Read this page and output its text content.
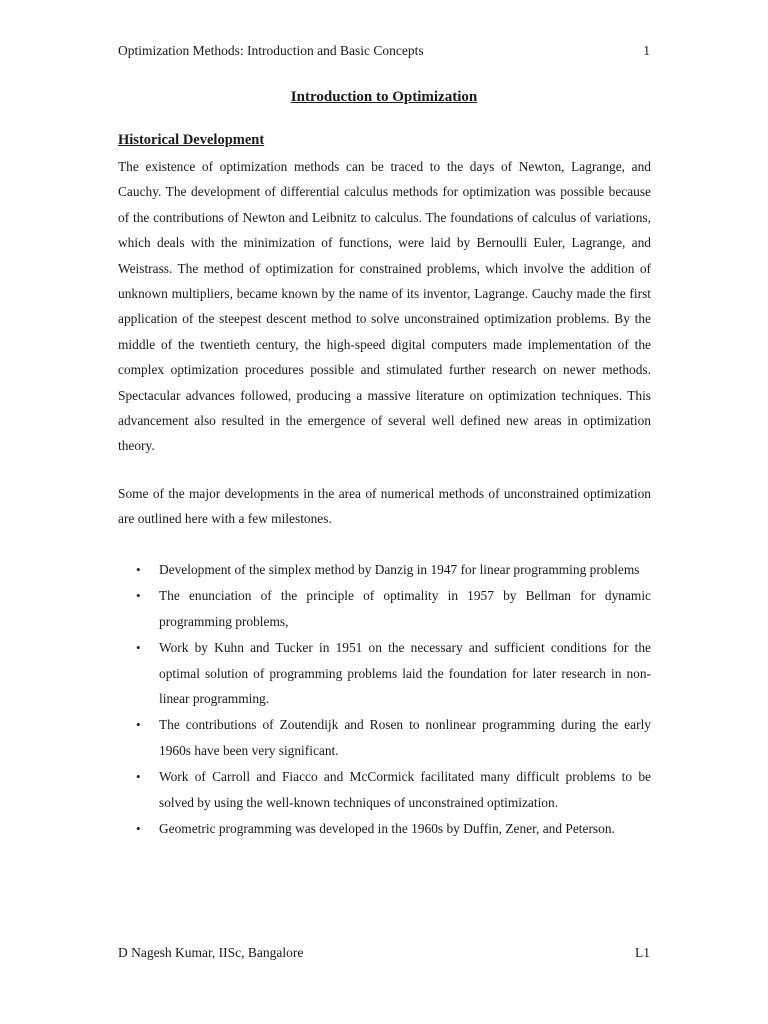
Optimization Methods: Introduction and Basic Concepts	1
Introduction to Optimization
Historical Development

The existence of optimization methods can be traced to the days of Newton, Lagrange, and Cauchy. The development of differential calculus methods for optimization was possible because of the contributions of Newton and Leibnitz to calculus. The foundations of calculus of variations, which deals with the minimization of functions, were laid by Bernoulli Euler, Lagrange, and Weistrass. The method of optimization for constrained problems, which involve the addition of unknown multipliers, became known by the name of its inventor, Lagrange. Cauchy made the first application of the steepest descent method to solve unconstrained optimization problems. By the middle of the twentieth century, the high-speed digital computers made implementation of the complex optimization procedures possible and stimulated further research on newer methods. Spectacular advances followed, producing a massive literature on optimization techniques. This advancement also resulted in the emergence of several well defined new areas in optimization theory.

Some of the major developments in the area of numerical methods of unconstrained optimization are outlined here with a few milestones.

• Development of the simplex method by Danzig in 1947 for linear programming problems
• The enunciation of the principle of optimality in 1957 by Bellman for dynamic programming problems,
• Work by Kuhn and Tucker in 1951 on the necessary and sufficient conditions for the optimal solution of programming problems laid the foundation for later research in non-linear programming.
• The contributions of Zoutendijk and Rosen to nonlinear programming during the early 1960s have been very significant.
• Work of Carroll and Fiacco and McCormick facilitated many difficult problems to be solved by using the well-known techniques of unconstrained optimization.
• Geometric programming was developed in the 1960s by Duffin, Zener, and Peterson.
D Nagesh Kumar, IISc, Bangalore	L1
